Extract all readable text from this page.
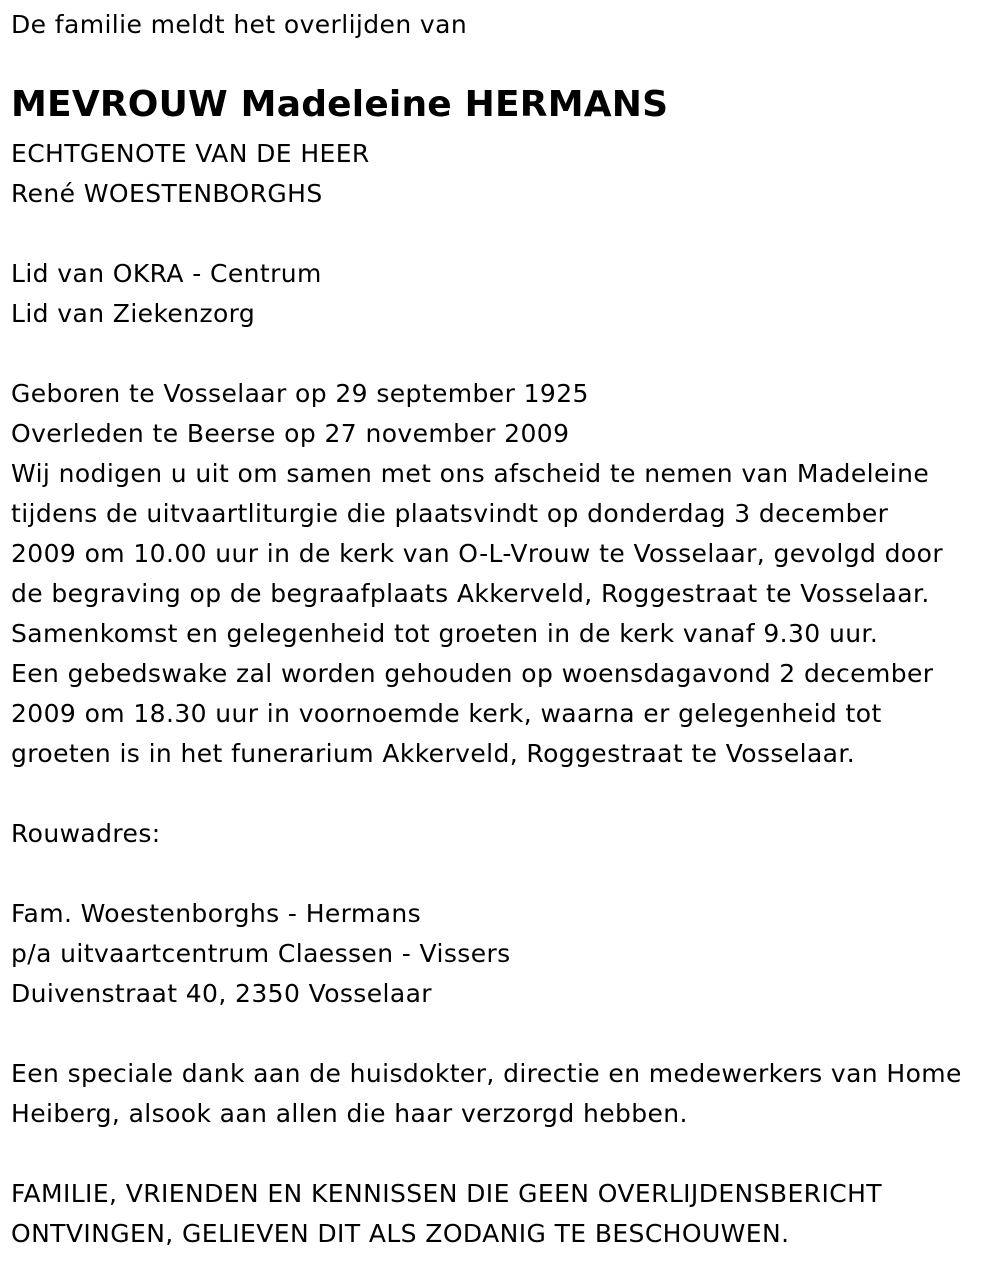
De familie meldt het overlijden van
MEVROUW Madeleine HERMANS
ECHTGENOTE VAN DE HEER
René WOESTENBORGHS
Lid van OKRA - Centrum
Lid van Ziekenzorg
Geboren te Vosselaar op 29 september 1925
Overleden te Beerse op 27 november 2009
Wij nodigen u uit om samen met ons afscheid te nemen van Madeleine
tijdens de uitvaartliturgie die plaatsvindt op donderdag 3 december
2009 om 10.00 uur in de kerk van O-L-Vrouw te Vosselaar, gevolgd door
de begraving op de begraafplaats Akkerveld, Roggestraat te Vosselaar.
Samenkomst en gelegenheid tot groeten in de kerk vanaf 9.30 uur.
Een gebedswake zal worden gehouden op woensdagavond 2 december
2009 om 18.30 uur in voornoemde kerk, waarna er gelegenheid tot
groeten is in het funerarium Akkerveld, Roggestraat te Vosselaar.
Rouwadres:
Fam. Woestenborghs - Hermans
p/a uitvaartcentrum Claessen - Vissers
Duivenstraat 40, 2350 Vosselaar
Een speciale dank aan de huisdokter, directie en medewerkers van Home
Heiberg, alsook aan allen die haar verzorgd hebben.
FAMILIE, VRIENDEN EN KENNISSEN DIE GEEN OVERLIJDENSBERICHT
ONTVINGEN, GELIEVEN DIT ALS ZODANIG TE BESCHOUWEN.
